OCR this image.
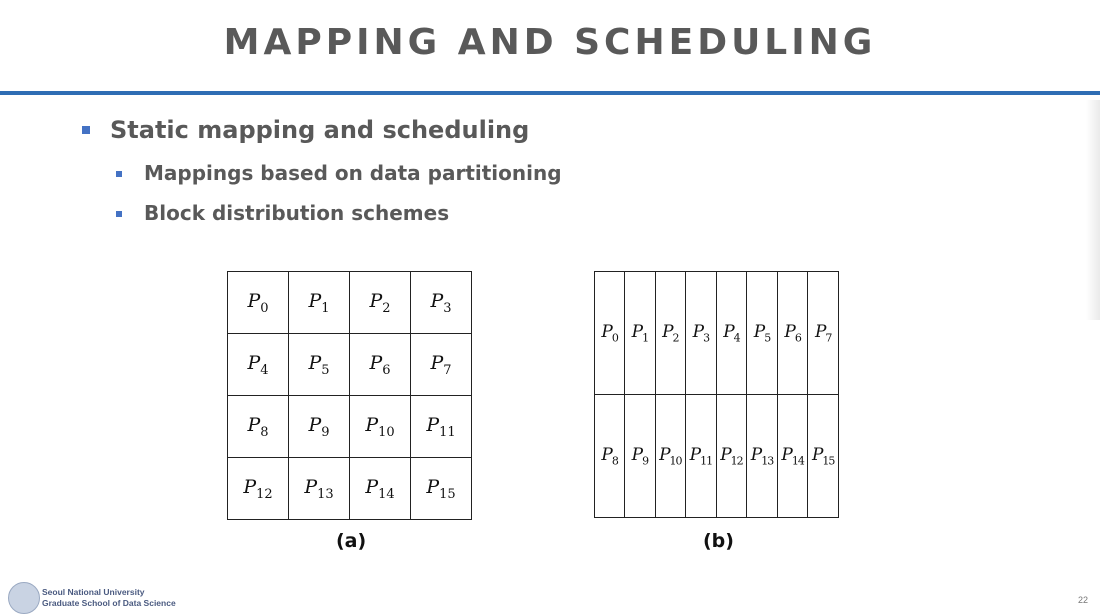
MAPPING AND SCHEDULING
Static mapping and scheduling
Mappings based on data partitioning
Block distribution schemes
$P_0$	$P_1$	$P_2$	$P_3$
$P_4$	$P_5$	$P_6$	$P_7$
$P_8$	$P_9$	$P_{10}$	$P_{11}$
$P_{12}$	$P_{13}$	$P_{14}$	$P_{15}$
(a)
$P_0$	$P_1$	$P_2$	$P_3$	$P_4$	$P_5$	$P_6$	$P_7$
$P_8$	$P_9$	$P_{10}$	$P_{11}$	$P_{12}$	$P_{13}$	$P_{14}$	$P_{15}$
(b)
Seoul National University
Graduate School of Data Science	22
